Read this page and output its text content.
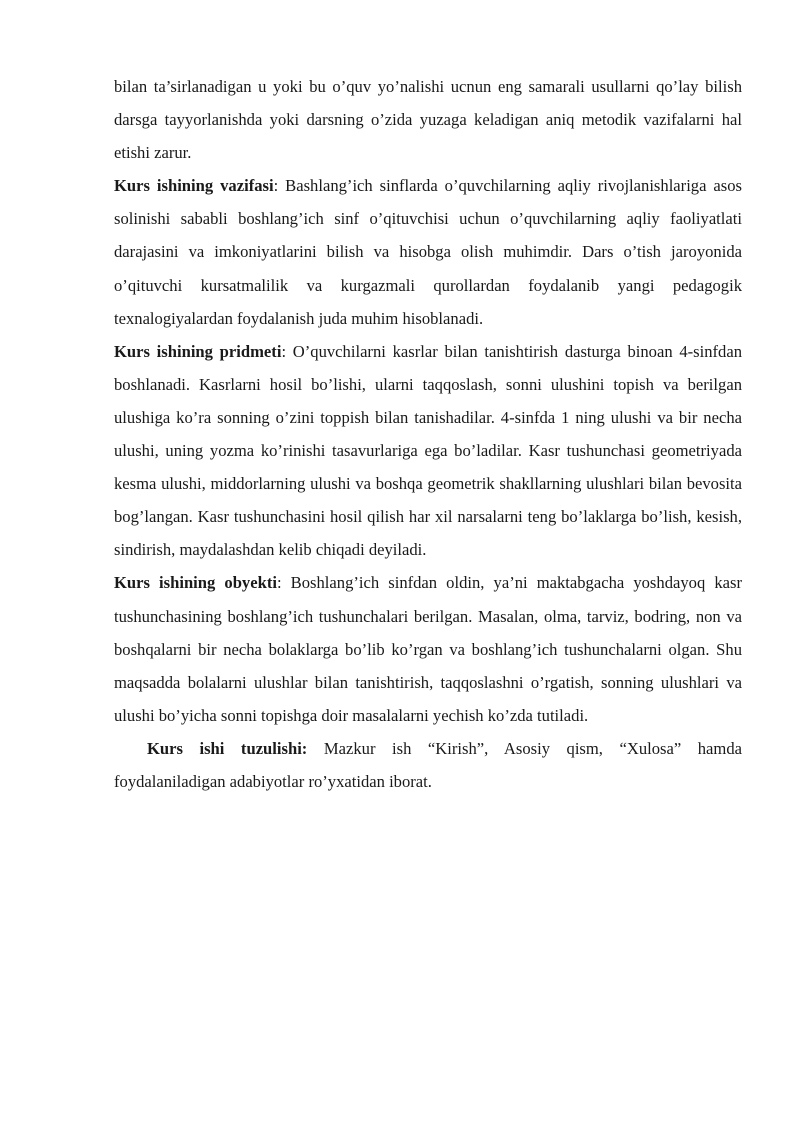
bilan ta’sirlanadigan u yoki bu o’quv yo’nalishi ucnun eng samarali usullarni qo’lay bilish darsga tayyorlanishda yoki darsning o’zida yuzaga keladigan aniq metodik vazifalarni hal etishi zarur.

Kurs ishining vazifasi: Bashlang’ich sinflarda o’quvchilarning aqliy rivojlanishlariga asos solinishi sababli boshlang’ich sinf o’qituvchisi uchun o’quvchilarning aqliy faoliyatlati darajasini va imkoniyatlarini bilish va hisobga olish muhimdir. Dars o’tish jaroyonida o’qituvchi kursatmalilik va kurgazmali qurollardan foydalanib yangi pedagogik texnalogiyalardan foydalanish juda muhim hisoblanadi.

Kurs ishining pridmeti: O’quvchilarni kasrlar bilan tanishtirish dasturga binoan 4-sinfdan boshlanadi. Kasrlarni hosil bo’lishi, ularni taqqoslash, sonni ulushini topish va berilgan ulushiga ko’ra sonning o’zini toppish bilan tanishadilar. 4-sinfda 1 ning ulushi va bir necha ulushi, uning yozma ko’rinishi tasavurlariga ega bo’ladilar. Kasr tushunchasi geometriyada kesma ulushi, middorlarning ulushi va boshqa geometrik shakllarning ulushlari bilan bevosita bog’langan. Kasr tushunchasini hosil qilish har xil narsalarni teng bo’laklarga bo’lish, kesish, sindirish, maydalashdan kelib chiqadi deyiladi.

Kurs ishining obyekti: Boshlang’ich sinfdan oldin, ya’ni maktabgacha yoshdayoq kasr tushunchasining boshlang’ich tushunchalari berilgan. Masalan, olma, tarviz, bodring, non va boshqalarni bir necha bolaklarga bo’lib ko’rgan va boshlang’ich tushunchalarni olgan. Shu maqsadda bolalarni ulushlar bilan tanishtirish, taqqoslashni o’rgatish, sonning ulushlari va ulushi bo’yicha sonni topishga doir masalalarni yechish ko’zda tutiladi.

Kurs ishi tuzulishi: Mazkur ish “Kirish”, Asosiy qism, “Xulosa” hamda foydalaniladigan adabiyotlar ro’yxatidan iborat.
